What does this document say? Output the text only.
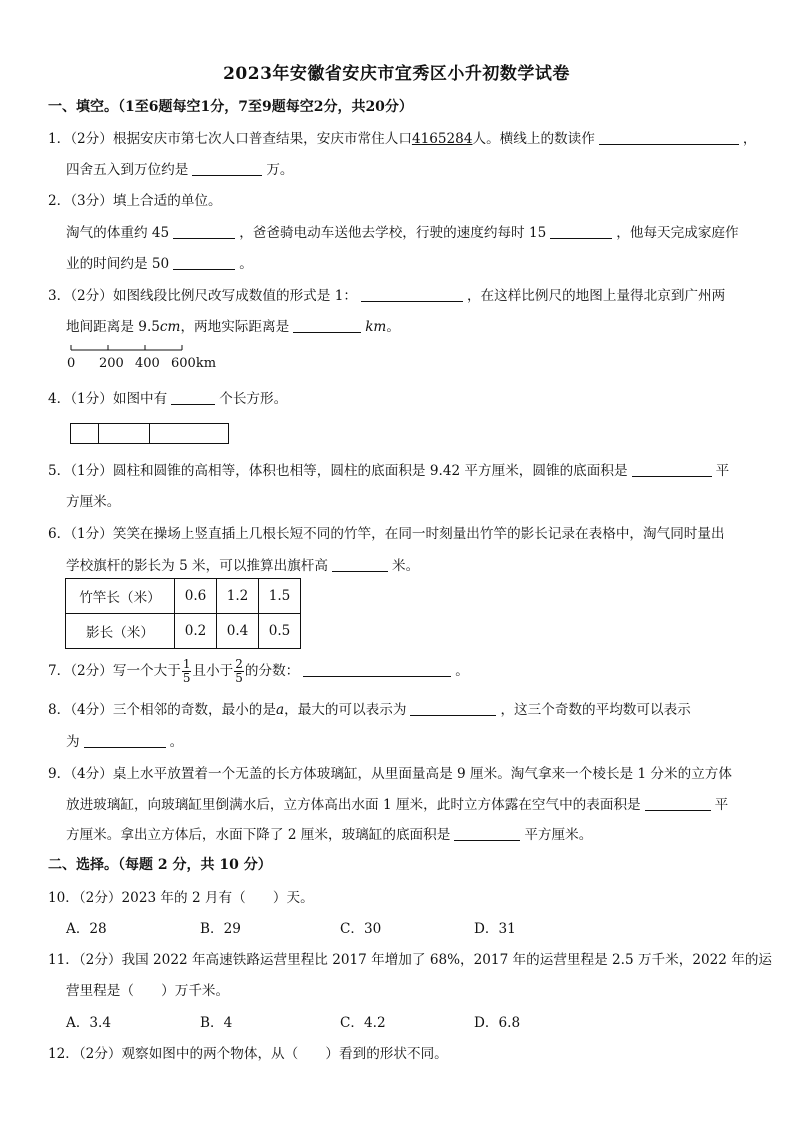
2023年安徽省安庆市宜秀区小升初数学试卷
一、填空。（1至6题每空1分，7至9题每空2分，共20分）
1．（2分）根据安庆市第七次人口普查结果，安庆市常住人口4165284人。横线上的数读作	，
四舍五入到万位约是	万。
2．（3分）填上合适的单位。
淘气的体重约 45	，爸爸骑电动车送他去学校，行驶的速度约每时 15	，他每天完成家庭作
业的时间约是 50	。
3．（2分）如图线段比例尺改写成数值的形式是 1：	，在这样比例尺的地图上量得北京到广州两
地间距离是 9.5cm，两地实际距离是	km。
0 200 400 600km
4．（1分）如图中有	个长方形。
5．（1分）圆柱和圆锥的高相等，体积也相等，圆柱的底面积是 9.42 平方厘米，圆锥的底面积是	平
方厘米。
6．（1分）笑笑在操场上竖直插上几根长短不同的竹竿，在同一时刻量出竹竿的影长记录在表格中，淘气同时量出
学校旗杆的影长为 5 米，可以推算出旗杆高	米。
竹竿长（米）	0.6	1.2	1.5
影长（米）	0.2	0.4	0.5
7．（2分）写一个大于 $\frac{1}{5}$ 且小于 $\frac{2}{5}$ 的分数：	。
8．（4分）三个相邻的奇数，最小的是a，最大的可以表示为	，这三个奇数的平均数可以表示
为	。
9．（4分）桌上水平放置着一个无盖的长方体玻璃缸，从里面量高是 9 厘米。淘气拿来一个棱长是 1 分米的立方体
放进玻璃缸，向玻璃缸里倒满水后，立方体高出水面 1 厘米，此时立方体露在空气中的表面积是	平
方厘米。拿出立方体后，水面下降了 2 厘米，玻璃缸的底面积是	平方厘米。
二、选择。（每题 2 分，共 10 分）
10．（2分）2023 年的 2 月有（　　）天。
A．28	B．29	C．30	D．31
11．（2分）我国 2022 年高速铁路运营里程比 2017 年增加了 68%，2017 年的运营里程是 2.5 万千米，2022 年的运
营里程是（　　）万千米。
A．3.4	B．4	C．4.2	D．6.8
12．（2分）观察如图中的两个物体，从（　　）看到的形状不同。
